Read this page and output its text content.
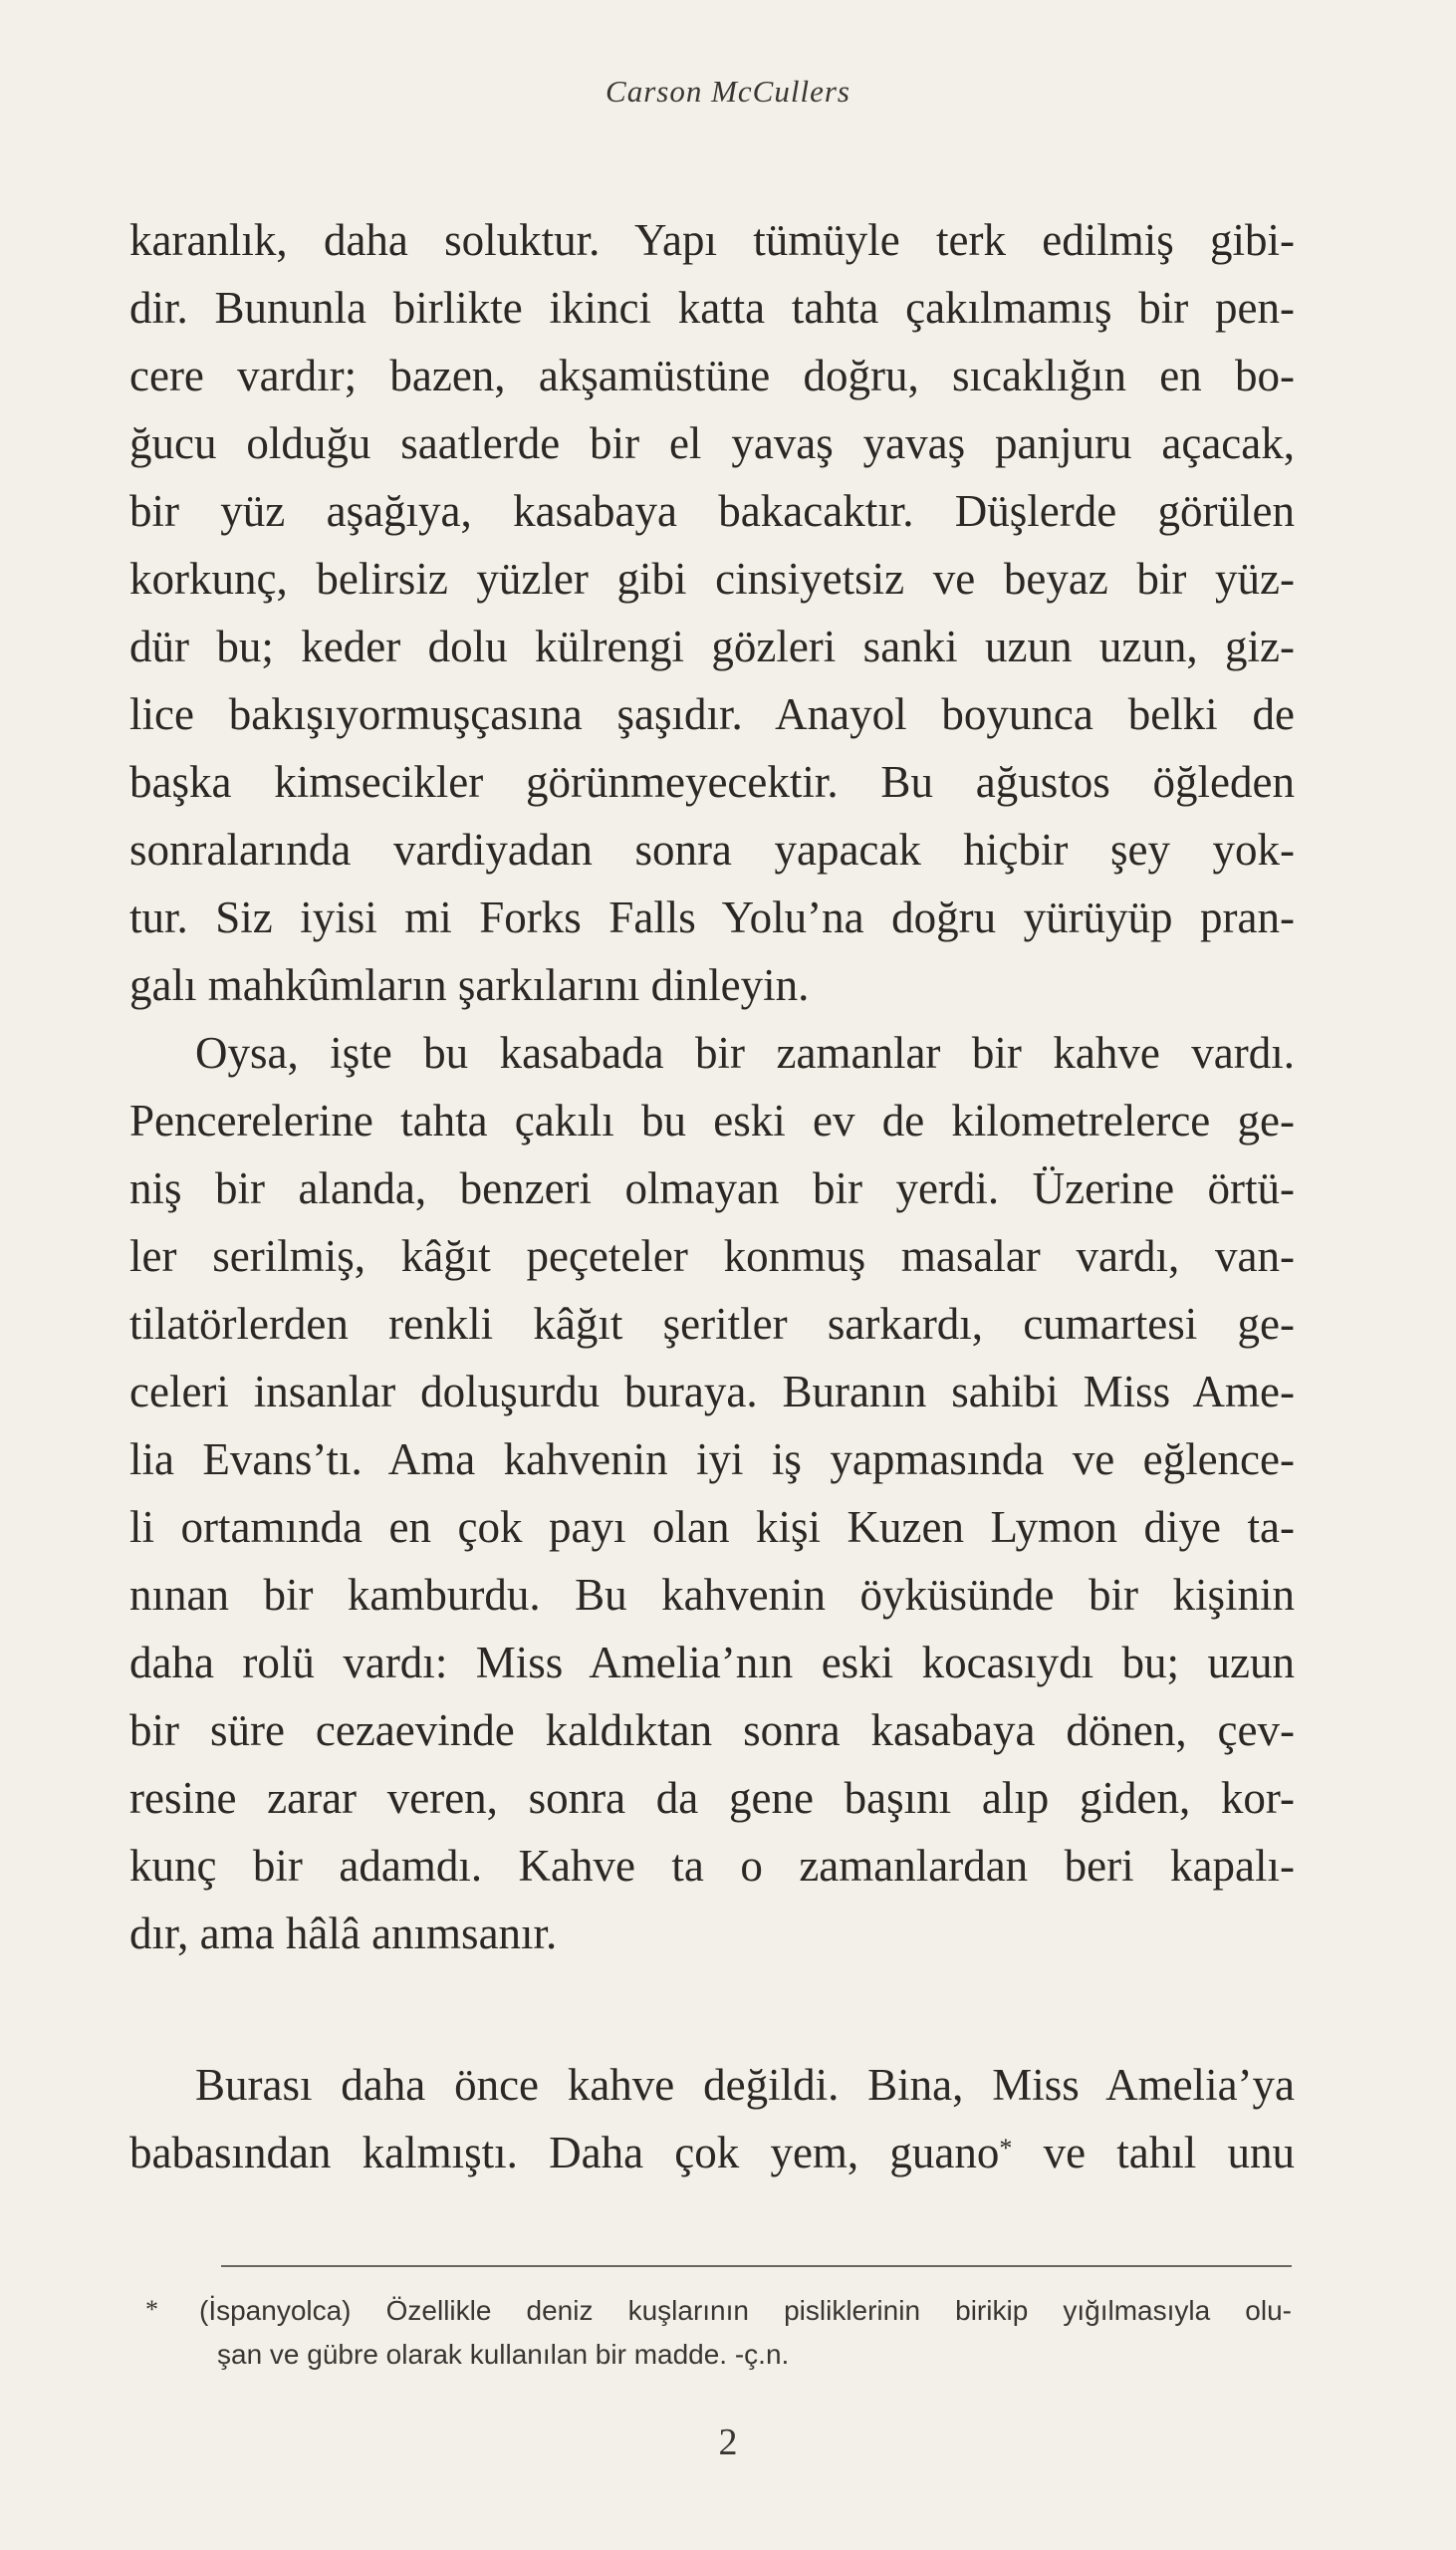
Carson McCullers
karanlık, daha soluktur. Yapı tümüyle terk edilmiş gibi-
dir. Bununla birlikte ikinci katta tahta çakılmamış bir pen-
cere vardır; bazen, akşamüstüne doğru, sıcaklığın en bo-
ğucu olduğu saatlerde bir el yavaş yavaş panjuru açacak,
bir yüz aşağıya, kasabaya bakacaktır. Düşlerde görülen
korkunç, belirsiz yüzler gibi cinsiyetsiz ve beyaz bir yüz-
dür bu; keder dolu külrengi gözleri sanki uzun uzun, giz-
lice bakışıyormuşçasına şaşıdır. Anayol boyunca belki de
başka kimsecikler görünmeyecektir. Bu ağustos öğleden
sonralarında vardiyadan sonra yapacak hiçbir şey yok-
tur. Siz iyisi mi Forks Falls Yolu’na doğru yürüyüp pran-
galı mahkûmların şarkılarını dinleyin.
Oysa, işte bu kasabada bir zamanlar bir kahve vardı.
Pencerelerine tahta çakılı bu eski ev de kilometrelerce ge-
niş bir alanda, benzeri olmayan bir yerdi. Üzerine örtü-
ler serilmiş, kâğıt peçeteler konmuş masalar vardı, van-
tilatörlerden renkli kâğıt şeritler sarkardı, cumartesi ge-
celeri insanlar doluşurdu buraya. Buranın sahibi Miss Ame-
lia Evans’tı. Ama kahvenin iyi iş yapmasında ve eğlence-
li ortamında en çok payı olan kişi Kuzen Lymon diye ta-
nınan bir kamburdu. Bu kahvenin öyküsünde bir kişinin
daha rolü vardı: Miss Amelia’nın eski kocasıydı bu; uzun
bir süre cezaevinde kaldıktan sonra kasabaya dönen, çev-
resine zarar veren, sonra da gene başını alıp giden, kor-
kunç bir adamdı. Kahve ta o zamanlardan beri kapalı-
dır, ama hâlâ anımsanır.
Burası daha önce kahve değildi. Bina, Miss Amelia’ya
babasından kalmıştı. Daha çok yem, guano* ve tahıl unu
* (İspanyolca) Özellikle deniz kuşlarının pisliklerinin birikip yığılmasıyla olu-
şan ve gübre olarak kullanılan bir madde. -ç.n.
2
